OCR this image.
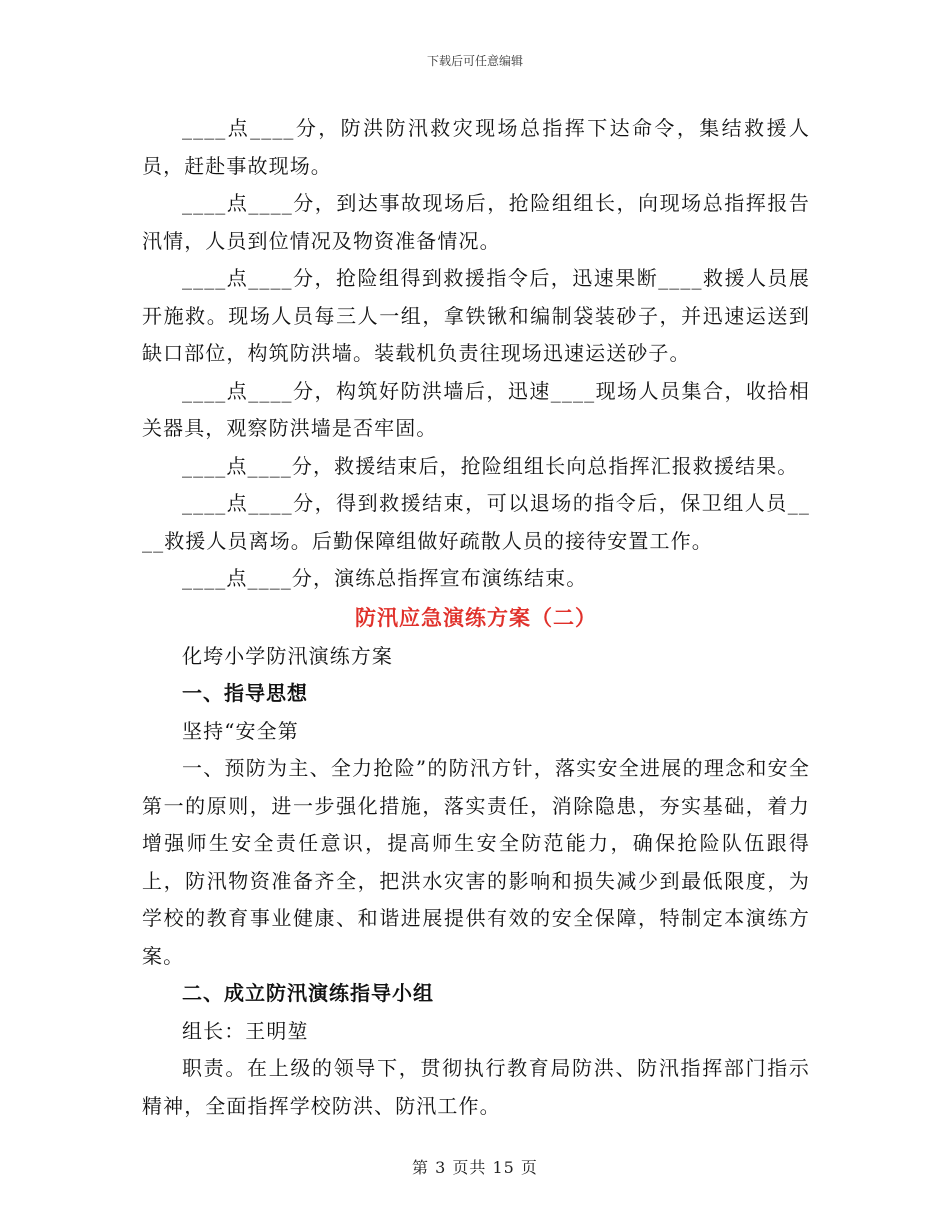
下载后可任意编辑

____点____分，防洪防汛救灾现场总指挥下达命令，集结救援人员，赶赴事故现场。

____点____分，到达事故现场后，抢险组组长，向现场总指挥报告汛情，人员到位情况及物资准备情况。

____点____分，抢险组得到救援指令后，迅速果断____救援人员展开施救。现场人员每三人一组，拿铁锹和编制袋装砂子，并迅速运送到缺口部位，构筑防洪墙。装载机负责往现场迅速运送砂子。

____点____分，构筑好防洪墙后，迅速____现场人员集合，收拾相关器具，观察防洪墙是否牢固。

____点____分，救援结束后，抢险组组长向总指挥汇报救援结果。

____点____分，得到救援结束，可以退场的指令后，保卫组人员____救援人员离场。后勤保障组做好疏散人员的接待安置工作。

____点____分，演练总指挥宣布演练结束。

防汛应急演练方案（二）

化垮小学防汛演练方案

一、指导思想

坚持“安全第

一、预防为主、全力抢险”的防汛方针，落实安全进展的理念和安全第一的原则，进一步强化措施，落实责任，消除隐患，夯实基础，着力增强师生安全责任意识，提高师生安全防范能力，确保抢险队伍跟得上，防汛物资准备齐全，把洪水灾害的影响和损失减少到最低限度，为学校的教育事业健康、和谐进展提供有效的安全保障，特制定本演练方案。

二、成立防汛演练指导小组

组长：王明堃

职责。在上级的领导下，贯彻执行教育局防洪、防汛指挥部门指示精神，全面指挥学校防洪、防汛工作。

第 3 页共 15 页
